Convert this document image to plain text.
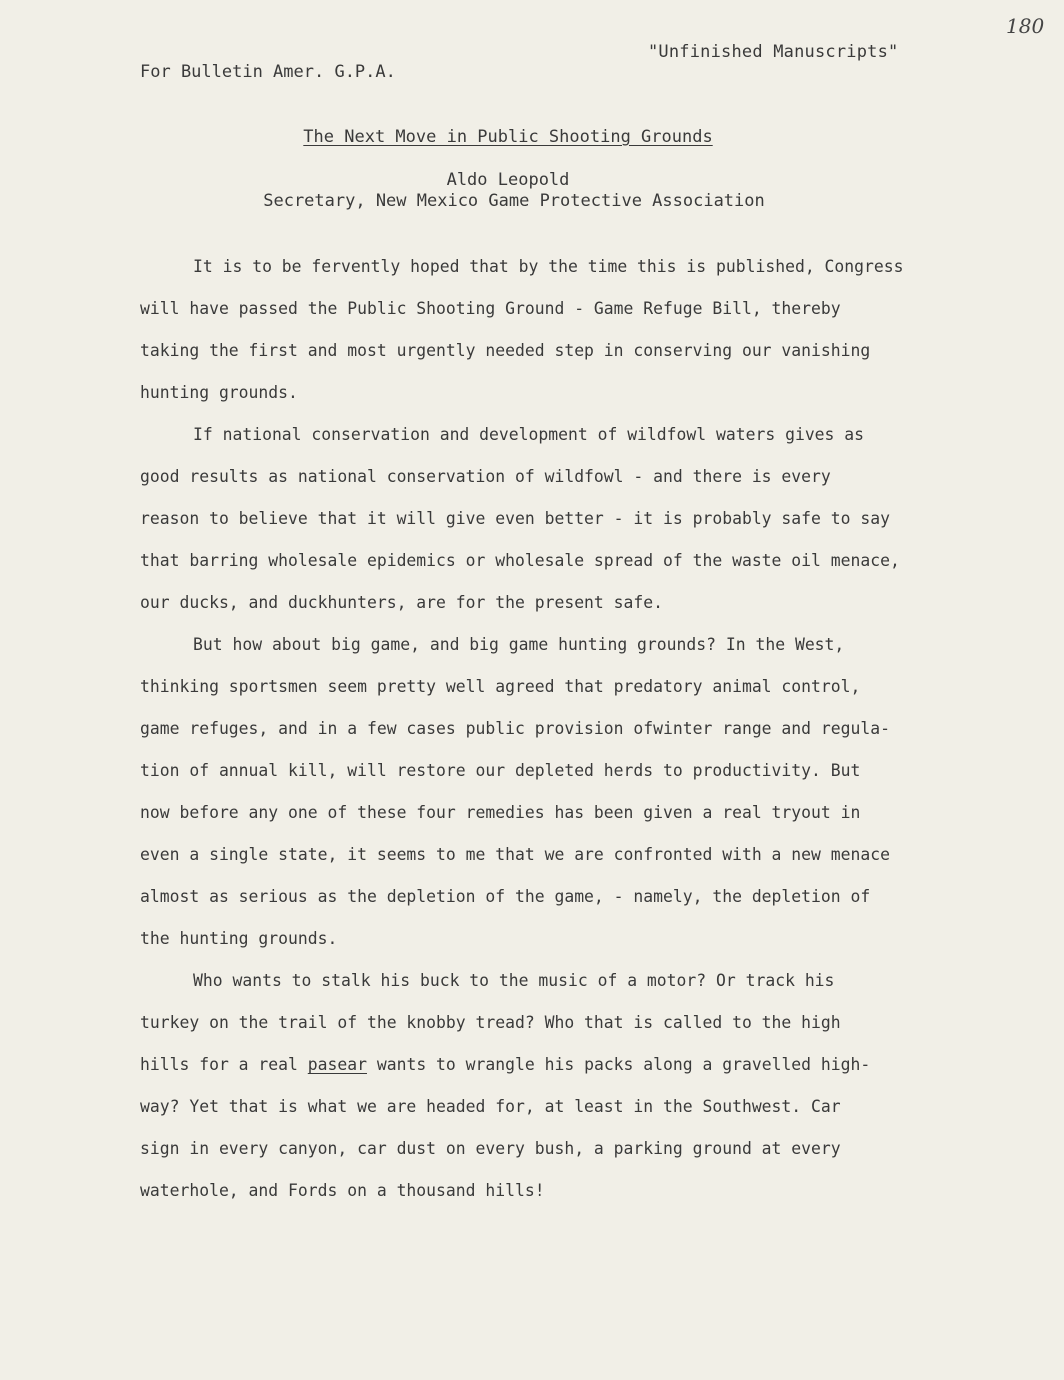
180
"Unfinished Manuscripts"
For Bulletin Amer. G.P.A.
The Next Move in Public Shooting Grounds
Aldo Leopold
Secretary, New Mexico Game Protective Association

It is to be fervently hoped that by the time this is published, Congress
will have passed the Public Shooting Ground - Game Refuge Bill, thereby
taking the first and most urgently needed step in conserving our vanishing
hunting grounds.

If national conservation and development of wildfowl waters gives as
good results as national conservation of wildfowl - and there is every
reason to believe that it will give even better - it is probably safe to say
that barring wholesale epidemics or wholesale spread of the waste oil menace,
our ducks, and duckhunters, are for the present safe.

But how about big game, and big game hunting grounds? In the West,
thinking sportsmen seem pretty well agreed that predatory animal control,
game refuges, and in a few cases public provision ofwinter range and regula-
tion of annual kill, will restore our depleted herds to productivity. But
now before any one of these four remedies has been given a real tryout in
even a single state, it seems to me that we are confronted with a new menace
almost as serious as the depletion of the game, - namely, the depletion of
the hunting grounds.

Who wants to stalk his buck to the music of a motor? Or track his
turkey on the trail of the knobby tread? Who that is called to the high
hills for a real pasear wants to wrangle his packs along a gravelled high-
way? Yet that is what we are headed for, at least in the Southwest. Car
sign in every canyon, car dust on every bush, a parking ground at every
waterhole, and Fords on a thousand hills!
